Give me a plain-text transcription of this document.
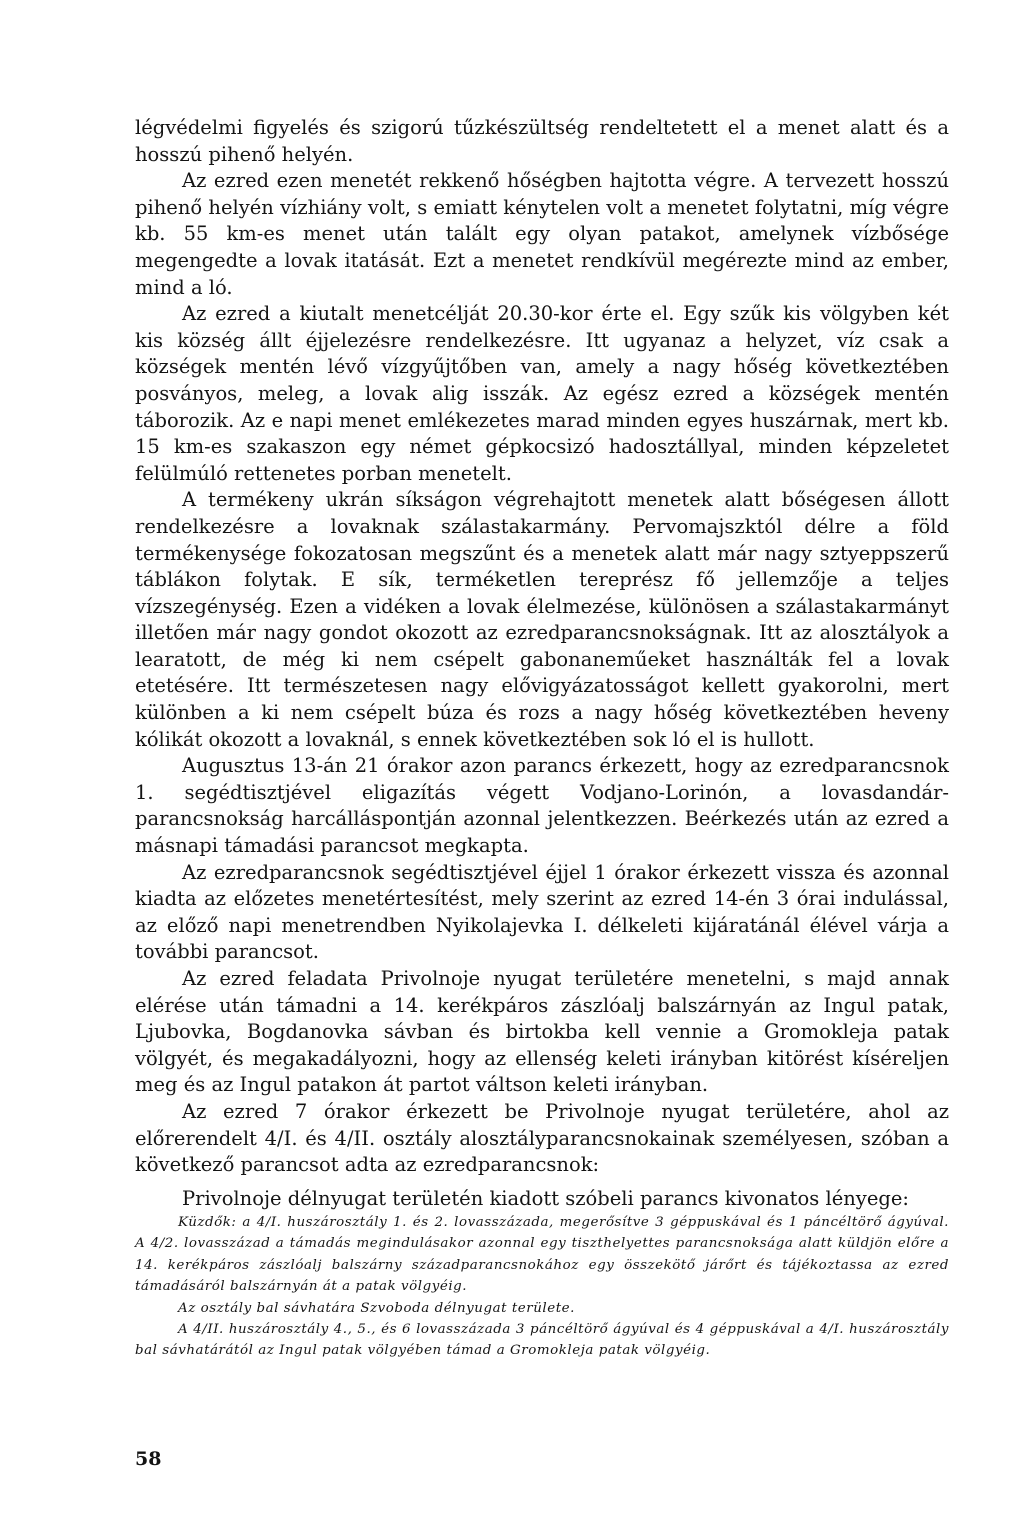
légvédelmi figyelés és szigorú tűzkészültség rendeltetett el a menet alatt és a hosszú pihenő helyén.

Az ezred ezen menetét rekkenő hőségben hajtotta végre. A tervezett hosszú pihenő helyén vízhiány volt, s emiatt kénytelen volt a menetet folytatni, míg végre kb. 55 km-es menet után talált egy olyan patakot, amelynek vízbősége megengedte a lovak itatását. Ezt a menetet rendkívül megérezte mind az ember, mind a ló.

Az ezred a kiutalt menetcélját 20.30-kor érte el. Egy szűk kis völgyben két kis község állt éjjelezésre rendelkezésre. Itt ugyanaz a helyzet, víz csak a községek mentén lévő vízgyűjtőben van, amely a nagy hőség következtében posványos, meleg, a lovak alig isszák. Az egész ezred a községek mentén táborozik. Az e napi menet emlékezetes marad minden egyes huszárnak, mert kb. 15 km-es szakaszon egy német gépkocsizó hadosztállyal, minden képzeletet felülmúló rettenetes porban menetelt.

A termékeny ukrán síkságon végrehajtott menetek alatt bőségesen állott rendelkezésre a lovaknak szálastakarmány. Pervomajszktól délre a föld termékenysége fokozatosan megszűnt és a menetek alatt már nagy sztyeppszerű táblákon folytak. E sík, terméketlen tereprész fő jellemzője a teljes vízszegénység. Ezen a vidéken a lovak élelmezése, különösen a szálastakarmányt illetően már nagy gondot okozott az ezredparancsnokságnak. Itt az alosztályok a learatott, de még ki nem csépelt gabonaneműeket használták fel a lovak etetésére. Itt természetesen nagy elővigyázatosságot kellett gyakorolni, mert különben a ki nem csépelt búza és rozs a nagy hőség következtében heveny kólikát okozott a lovaknál, s ennek következtében sok ló el is hullott.

Augusztus 13-án 21 órakor azon parancs érkezett, hogy az ezredparancsnok 1. segédtisztjével eligazítás végett Vodjano-Lorinón, a lovasdandár-parancsnokság harcálláspontján azonnal jelentkezzen. Beérkezés után az ezred a másnapi támadási parancsot megkapta.

Az ezredparancsnok segédtisztjével éjjel 1 órakor érkezett vissza és azonnal kiadta az előzetes menetértesítést, mely szerint az ezred 14-én 3 órai indulással, az előző napi menetrendben Nyikolajevka I. délkeleti kijáratánál élével várja a további parancsot.

Az ezred feladata Privolnoje nyugat területére menetelni, s majd annak elérése után támadni a 14. kerékpáros zászlóalj balszárnyán az Ingul patak, Ljubovka, Bogdanovka sávban és birtokba kell vennie a Gromokleja patak völgyét, és megakadályozni, hogy az ellenség keleti irányban kitörést kíséreljen meg és az Ingul patakon át partot váltson keleti irányban.

Az ezred 7 órakor érkezett be Privolnoje nyugat területére, ahol az előrerendelt 4/I. és 4/II. osztály alosztályparancsnokainak személyesen, szóban a következő parancsot adta az ezredparancsnok:

Privolnoje délnyugat területén kiadott szóbeli parancs kivonatos lényege:

Küzdők: a 4/I. huszárosztály 1. és 2. lovasszázada, megerősítve 3 géppuskával és 1 páncéltörő ágyúval. A 4/2. lovasszázad a támadás megindulásakor azonnal egy tiszthelyettes parancsnoksága alatt küldjön előre a 14. kerékpáros zászlóalj balszárny századparancsnokához egy összekötő járőrt és tájékoztassa az ezred támadásáról balszárnyán át a patak völgyéig.

Az osztály bal sávhatára Szvoboda délnyugat területe.

A 4/II. huszárosztály 4., 5., és 6 lovasszázada 3 páncéltörő ágyúval és 4 géppuskával a 4/I. huszárosztály bal sávhatárától az Ingul patak völgyében támad a Gromokleja patak völgyéig.

58
